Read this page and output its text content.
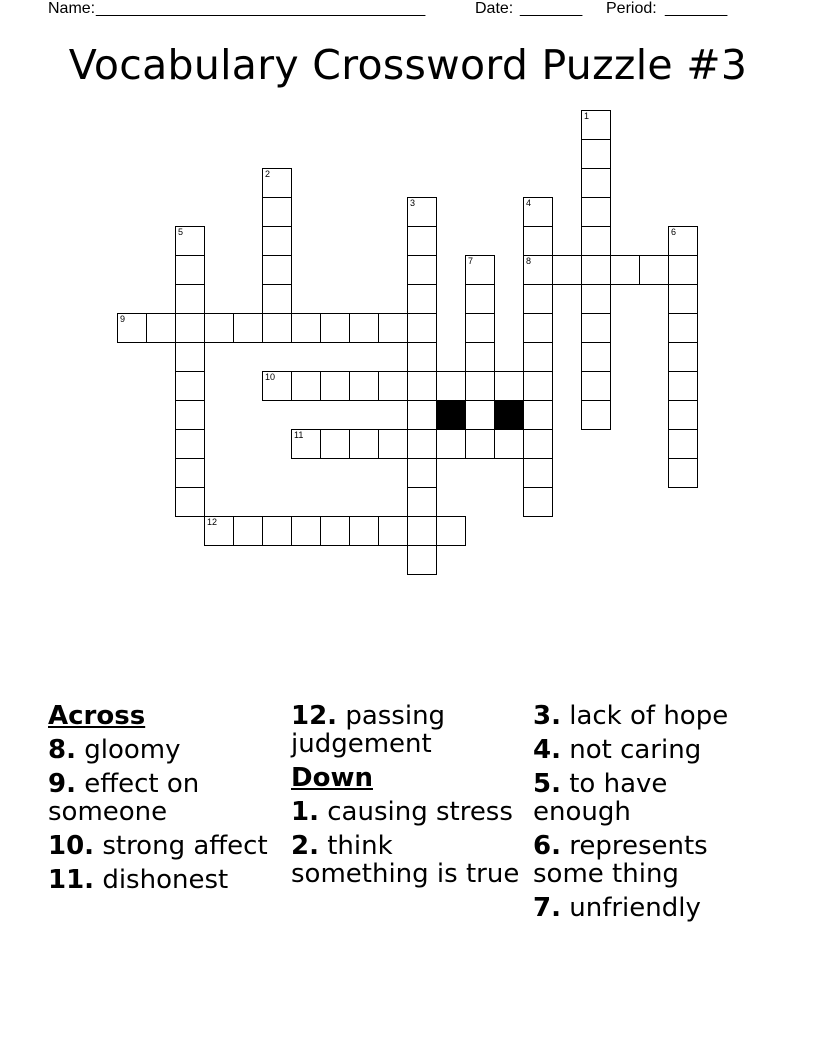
Name:

_____________________________________

	Date:

_______

Period:

_______

Vocabulary Crossword Puzzle #3
1
2
3	4
8
5	6
7
9
10
11
12
Across
8. gloomy
9. effect on someone
10. strong affect
11. dishonest
12. passing judgement
Down
1. causing stress
2. think something is true
3. lack of hope
4. not caring
5. to have enough
6. represents some thing
7. unfriendly
